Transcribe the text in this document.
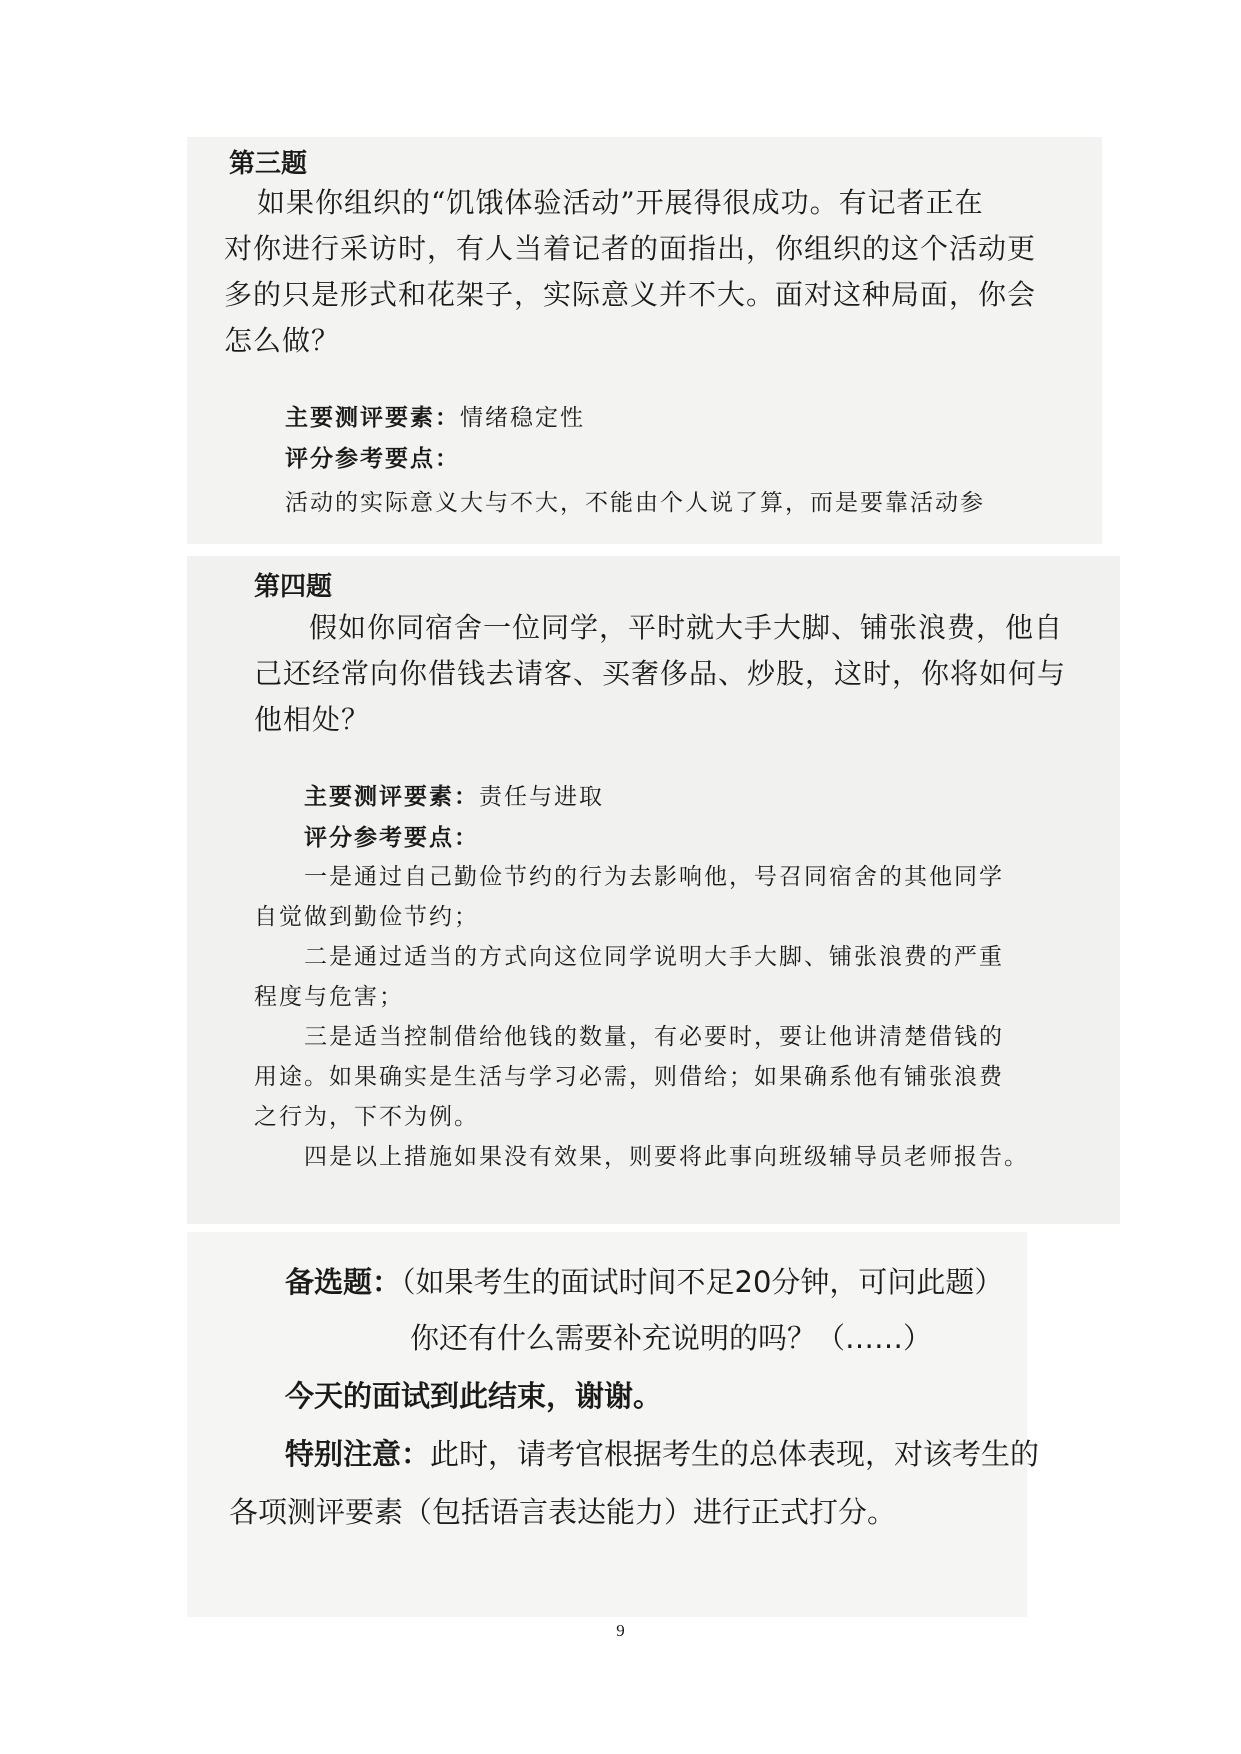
第三题
如果你组织的“饥饿体验活动”开展得很成功。有记者正在
对你进行采访时，有人当着记者的面指出，你组织的这个活动更
多的只是形式和花架子，实际意义并不大。面对这种局面，你会
怎么做？
主要测评要素：情绪稳定性
评分参考要点：
活动的实际意义大与不大，不能由个人说了算，而是要靠活动参
第四题
假如你同宿舍一位同学，平时就大手大脚、铺张浪费，他自
己还经常向你借钱去请客、买奢侈品、炒股，这时，你将如何与
他相处？
主要测评要素：责任与进取
评分参考要点：
一是通过自己勤俭节约的行为去影响他，号召同宿舍的其他同学
自觉做到勤俭节约；
二是通过适当的方式向这位同学说明大手大脚、铺张浪费的严重
程度与危害；
三是适当控制借给他钱的数量，有必要时，要让他讲清楚借钱的
用途。如果确实是生活与学习必需，则借给；如果确系他有铺张浪费
之行为，下不为例。
四是以上措施如果没有效果，则要将此事向班级辅导员老师报告。
备选题：（如果考生的面试时间不足20分钟，可问此题）
你还有什么需要补充说明的吗？（……）
今天的面试到此结束，谢谢。
特别注意：此时，请考官根据考生的总体表现，对该考生的
各项测评要素（包括语言表达能力）进行正式打分。
9
